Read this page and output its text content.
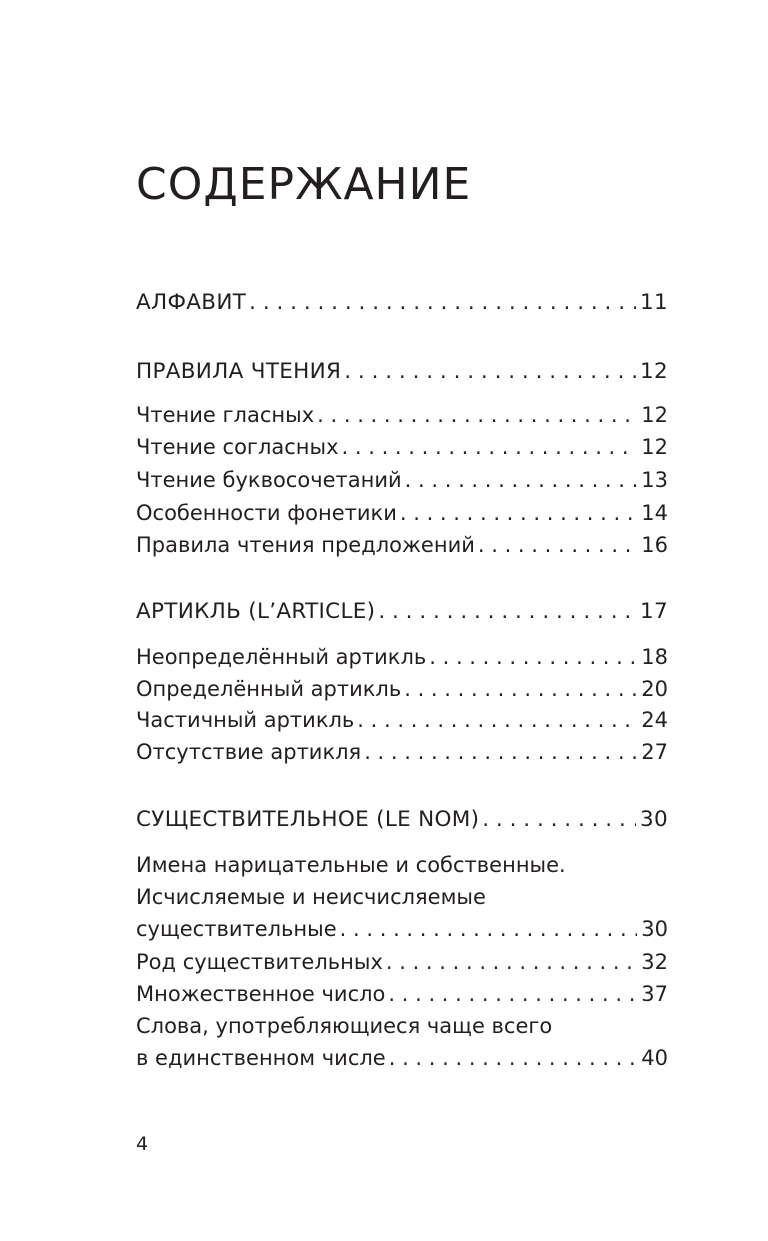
СОДЕРЖАНИЕ
АЛФАВИТ . . .	11
ПРАВИЛА ЧТЕНИЯ . . .	12
Чтение гласных . . .	12
Чтение согласных . . .	12
Чтение буквосочетаний . . .	13
Особенности фонетики . . .	14
Правила чтения предложений . . .	16
АРТИКЛЬ (L’ARTICLE) . . .	17
Неопределённый артикль . . .	18
Определённый артикль . . .	20
Частичный артикль . . .	24
Отсутствие артикля . . .	27
СУЩЕСТВИТЕЛЬНОЕ (LE NOM) . . .	30
Имена нарицательные и собственные.
Исчисляемые и неисчисляемые
существительные . . .	30
Род существительных . . .	32
Множественное число . . .	37
Слова, употребляющиеся чаще всего
в единственном числе . . .	40
4
